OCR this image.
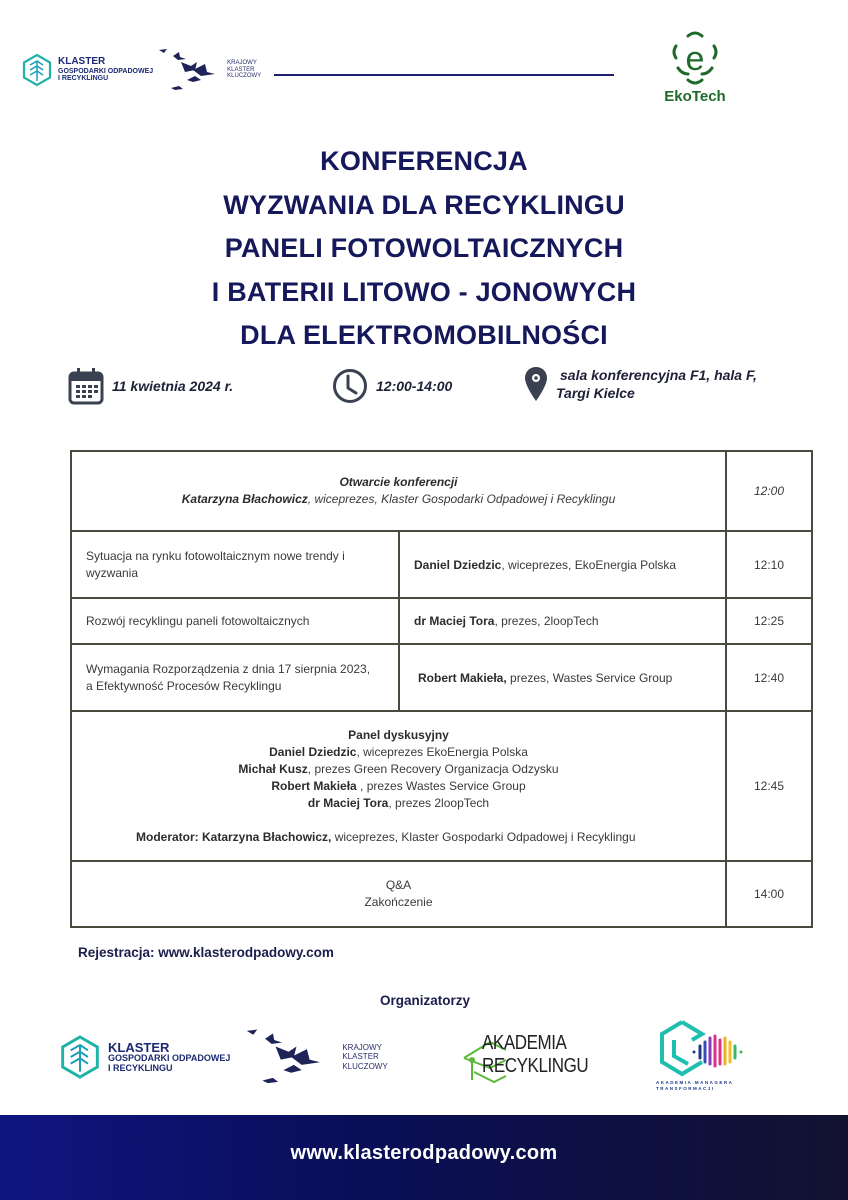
KLASTER
GOSPODARKI ODPADOWEJ
I RECYKLINGU
KRAJOWY
KLASTER
KLUCZOWY	e
EkoTech
KONFERENCJA
WYZWANIA DLA RECYKLINGU
PANELI FOTOWOLTAICZNYCH
I BATERII LITOWO - JONOWYCH
DLA ELEKTROMOBILNOŚCI
11 kwietnia 2024 r.	12:00-14:00
sala konferencyjna F1, hala F,
Targi Kielce
Otwarcie konferencji
Katarzyna Błachowicz, wiceprezes, Klaster Gospodarki Odpadowej i Recyklingu		12:00
Sytuacja na rynku fotowoltaicznym nowe trendy i wyzwania	Daniel Dziedzic, wiceprezes, EkoEnergia Polska	12:10
Rozwój recyklingu paneli fotowoltaicznych	dr Maciej Tora, prezes, 2loopTech	12:25

Wymagania Rozporządzenia z dnia 17 sierpnia 2023,
a Efektywność Procesów Recyklingu	Robert Makieła, prezes, Wastes Service Group	12:40

Panel dyskusyjny
Daniel Dziedzic, wiceprezes EkoEnergia Polska
Michał Kusz, prezes Green Recovery Organizacja Odzysku
Robert Makieła , prezes Wastes Service Group
dr Maciej Tora, prezes 2loopTech
Moderator: Katarzyna Błachowicz, wiceprezes, Klaster Gospodarki Odpadowej i Recyklingu
	12:45

Q&A
Zakończenie		14:00
Rejestracja: www.klasterodpadowy.com
Organizatorzy
KLASTER
GOSPODARKI ODPADOWEJ
I RECYKLINGU
KRAJOWY
KLASTER
KLUCZOWY
AKADEMIA
RECYKLINGU
AKADEMIA MANAGERA
TRANSFORMACJI
www.klasterodpadowy.com
